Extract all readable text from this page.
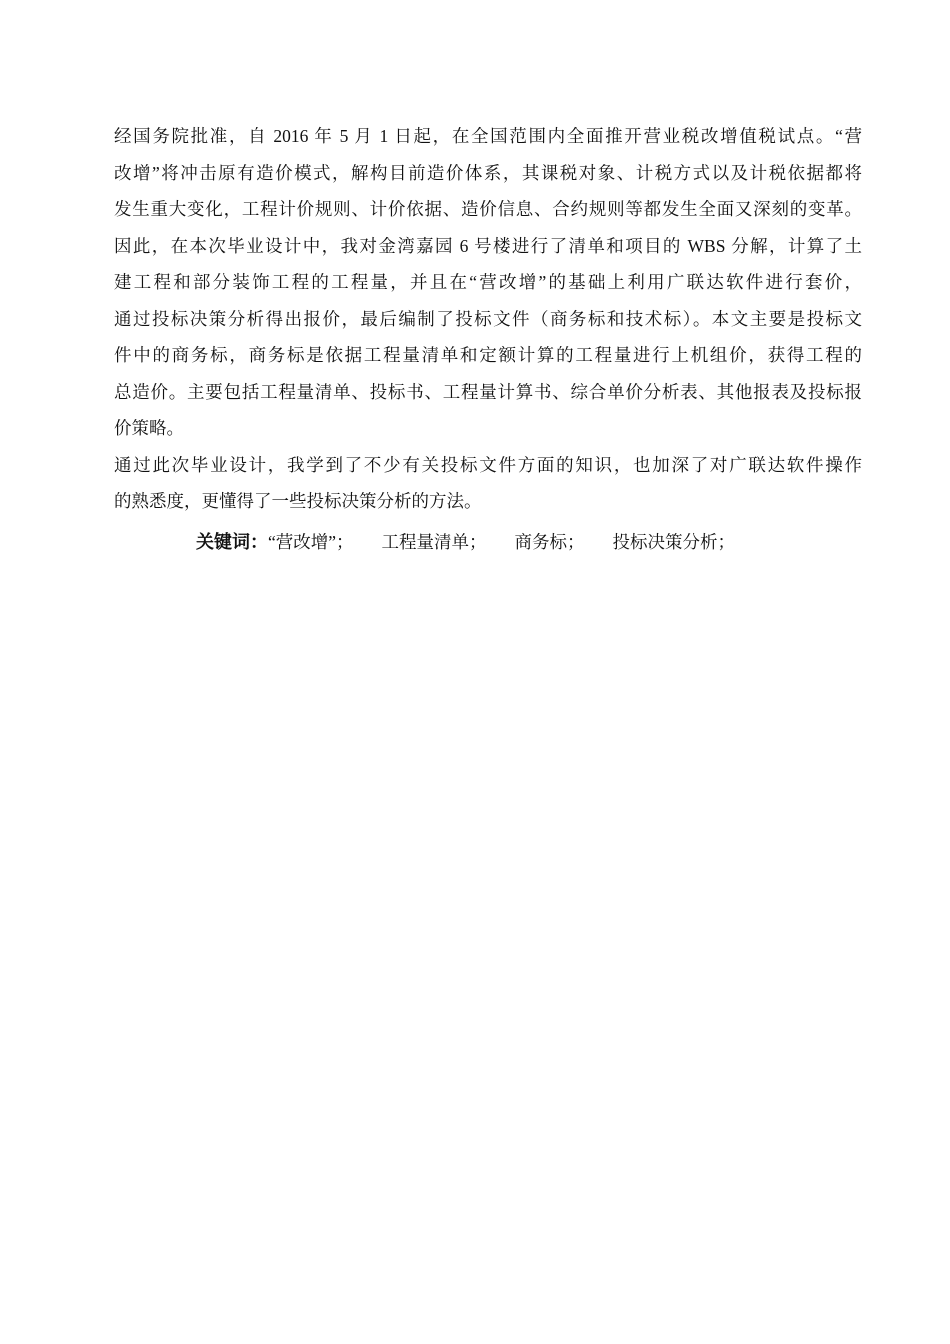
经国务院批准，自 2016 年 5 月 1 日起，在全国范围内全面推开营业税改增值税试点。“营
改增”将冲击原有造价模式，解构目前造价体系，其课税对象、计税方式以及计税依据都将
发生重大变化，工程计价规则、计价依据、造价信息、合约规则等都发生全面又深刻的变革。
因此，在本次毕业设计中，我对金湾嘉园 6 号楼进行了清单和项目的 WBS 分解，计算了土
建工程和部分装饰工程的工程量，并且在“营改增”的基础上利用广联达软件进行套价，
通过投标决策分析得出报价，最后编制了投标文件（商务标和技术标）。本文主要是投标文
件中的商务标，商务标是依据工程量清单和定额计算的工程量进行上机组价，获得工程的
总造价。主要包括工程量清单、投标书、工程量计算书、综合单价分析表、其他报表及投标报
价策略。
通过此次毕业设计，我学到了不少有关投标文件方面的知识，也加深了对广联达软件操作
的熟悉度，更懂得了一些投标决策分析的方法。
关键词：“营改增”； 工程量清单； 商务标； 投标决策分析；
